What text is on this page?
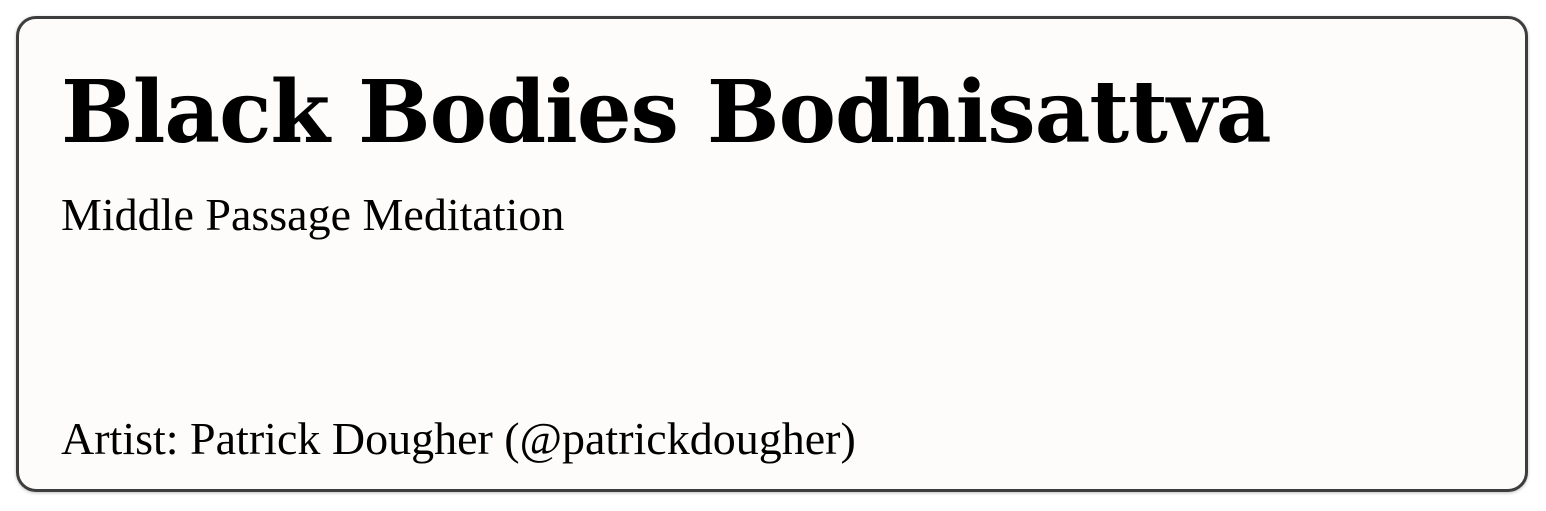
Black Bodies Bodhisattva

Middle Passage Meditation

Artist: Patrick Dougher (@patrickdougher)
